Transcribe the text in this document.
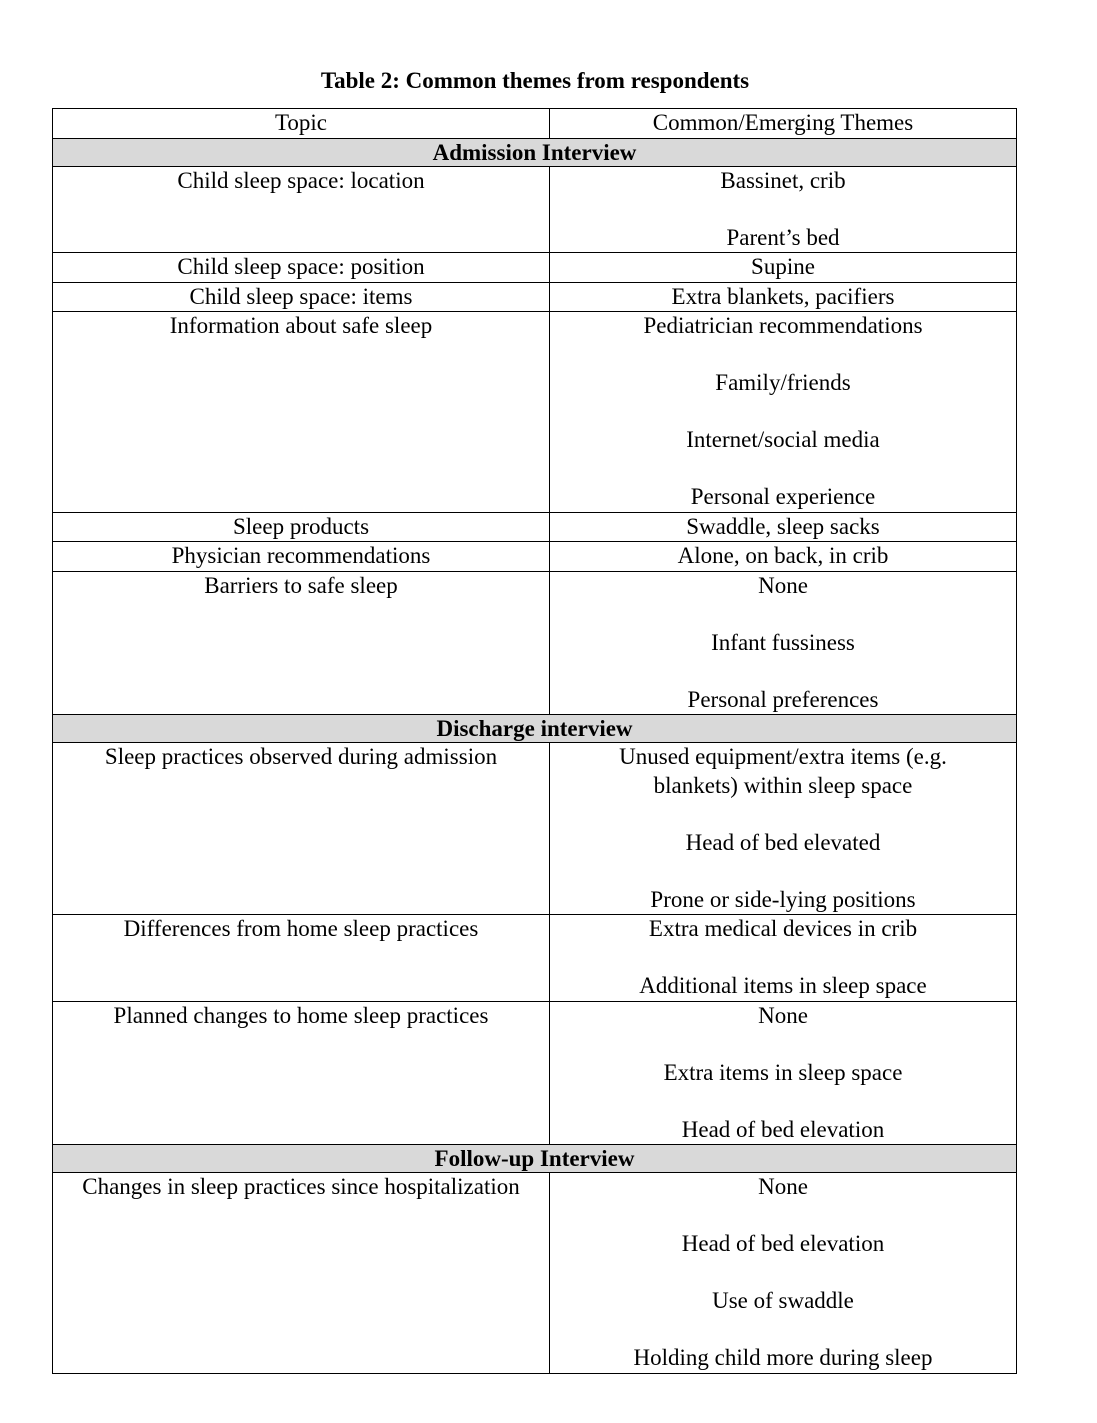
Table 2: Common themes from respondents
Topic	Common/Emerging Themes

Admission Interview	

Child sleep space: location	Bassinet, crib
Parent’s bed

Child sleep space: position	Supine

Child sleep space: items	Extra blankets, pacifiers

Information about safe sleep	Pediatrician recommendations
Family/friends
Internet/social media
Personal experience

Sleep products	Swaddle, sleep sacks

Physician recommendations	Alone, on back, in crib

Barriers to safe sleep	None
Infant fussiness
Personal preferences

Discharge interview	

Sleep practices observed during admission	Unused equipment/extra items (e.g.
blankets) within sleep space
Head of bed elevated
Prone or side-lying positions

Differences from home sleep practices	Extra medical devices in crib
Additional items in sleep space

Planned changes to home sleep practices	None
Extra items in sleep space
Head of bed elevation

Follow-up Interview	

Changes in sleep practices since hospitalization	None
Head of bed elevation
Use of swaddle
Holding child more during sleep
